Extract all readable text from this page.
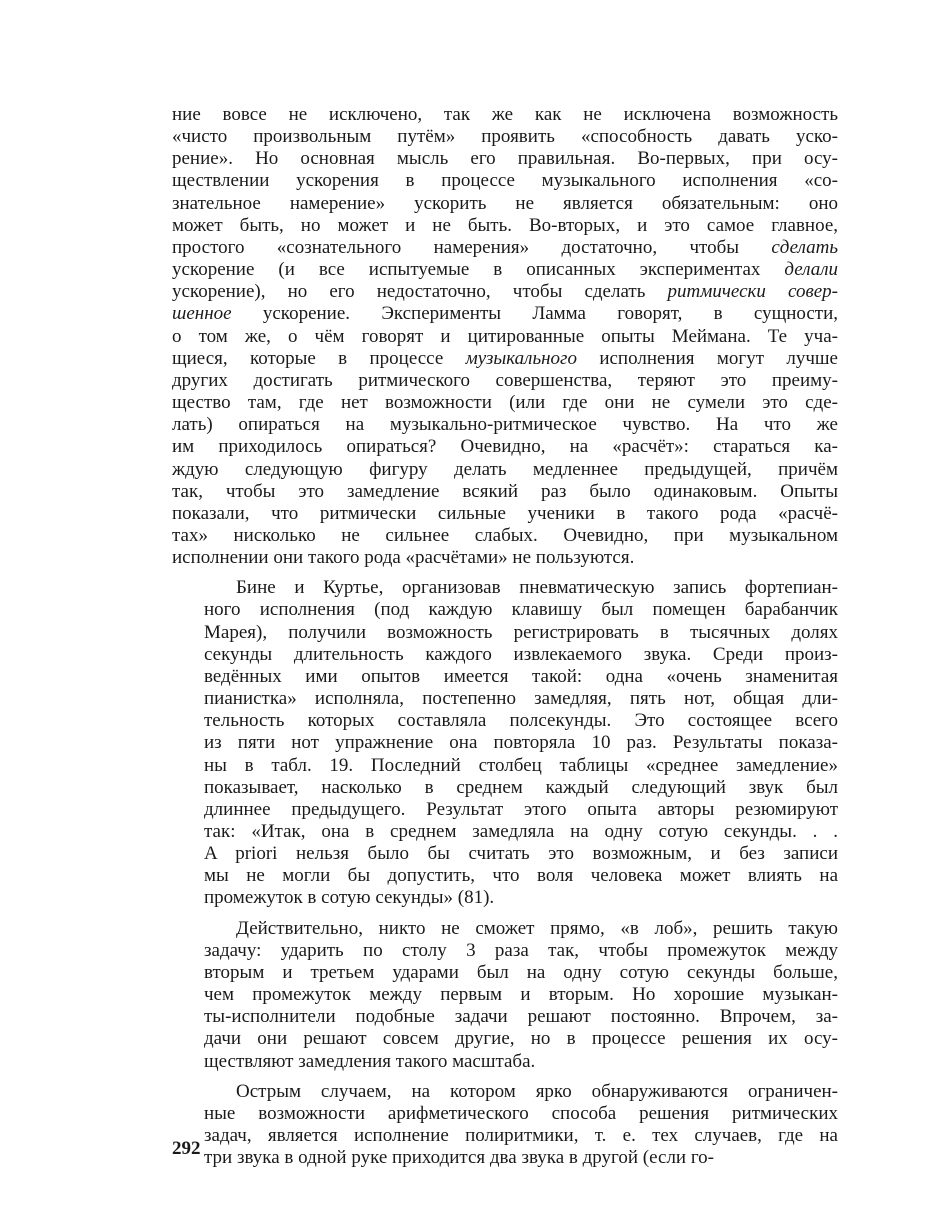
ние вовсе не исключено, так же как не исключена возможность
«чисто произвольным путём» проявить «способность давать уско-
рение». Но основная мысль его правильная. Во-первых, при осу-
ществлении ускорения в процессе музыкального исполнения «со-
знательное намерение» ускорить не является обязательным: оно
может быть, но может и не быть. Во-вторых, и это самое главное,
простого «сознательного намерения» достаточно, чтобы сделать
ускорение (и все испытуемые в описанных экспериментах делали
ускорение), но его недостаточно, чтобы сделать ритмически совер-
шенное ускорение. Эксперименты Ламма говорят, в сущности,
о том же, о чём говорят и цитированные опыты Меймана. Те уча-
щиеся, которые в процессе музыкального исполнения могут лучше
других достигать ритмического совершенства, теряют это преиму-
щество там, где нет возможности (или где они не сумели это сде-
лать) опираться на музыкально-ритмическое чувство. На что же
им приходилось опираться? Очевидно, на «расчёт»: стараться ка-
ждую следующую фигуру делать медленнее предыдущей, причём
так, чтобы это замедление всякий раз было одинаковым. Опыты
показали, что ритмически сильные ученики в такого рода «расчё-
тах» нисколько не сильнее слабых. Очевидно, при музыкальном
исполнении они такого рода «расчётами» не пользуются.
Бине и Куртье, организовав пневматическую запись фортепиан-
ного исполнения (под каждую клавишу был помещен барабанчик
Марея), получили возможность регистрировать в тысячных долях
секунды длительность каждого извлекаемого звука. Среди произ-
ведённых ими опытов имеется такой: одна «очень знаменитая
пианистка» исполняла, постепенно замедляя, пять нот, общая дли-
тельность которых составляла полсекунды. Это состоящее всего
из пяти нот упражнение она повторяла 10 раз. Результаты показа-
ны в табл. 19. Последний столбец таблицы «среднее замедление»
показывает, насколько в среднем каждый следующий звук был
длиннее предыдущего. Результат этого опыта авторы резюмируют
так: «Итак, она в среднем замедляла на одну сотую секунды. . .
A priori нельзя было бы считать это возможным, и без записи
мы не могли бы допустить, что воля человека может влиять на
промежуток в сотую секунды» (81).
Действительно, никто не сможет прямо, «в лоб», решить такую
задачу: ударить по столу 3 раза так, чтобы промежуток между
вторым и третьем ударами был на одну сотую секунды больше,
чем промежуток между первым и вторым. Но хорошие музыкан-
ты-исполнители подобные задачи решают постоянно. Впрочем, за-
дачи они решают совсем другие, но в процессе решения их осу-
ществляют замедления такого масштаба.
Острым случаем, на котором ярко обнаруживаются ограничен-
ные возможности арифметического способа решения ритмических
задач, является исполнение полиритмики, т. е. тех случаев, где на
три звука в одной руке приходится два звука в другой (если го-
292
